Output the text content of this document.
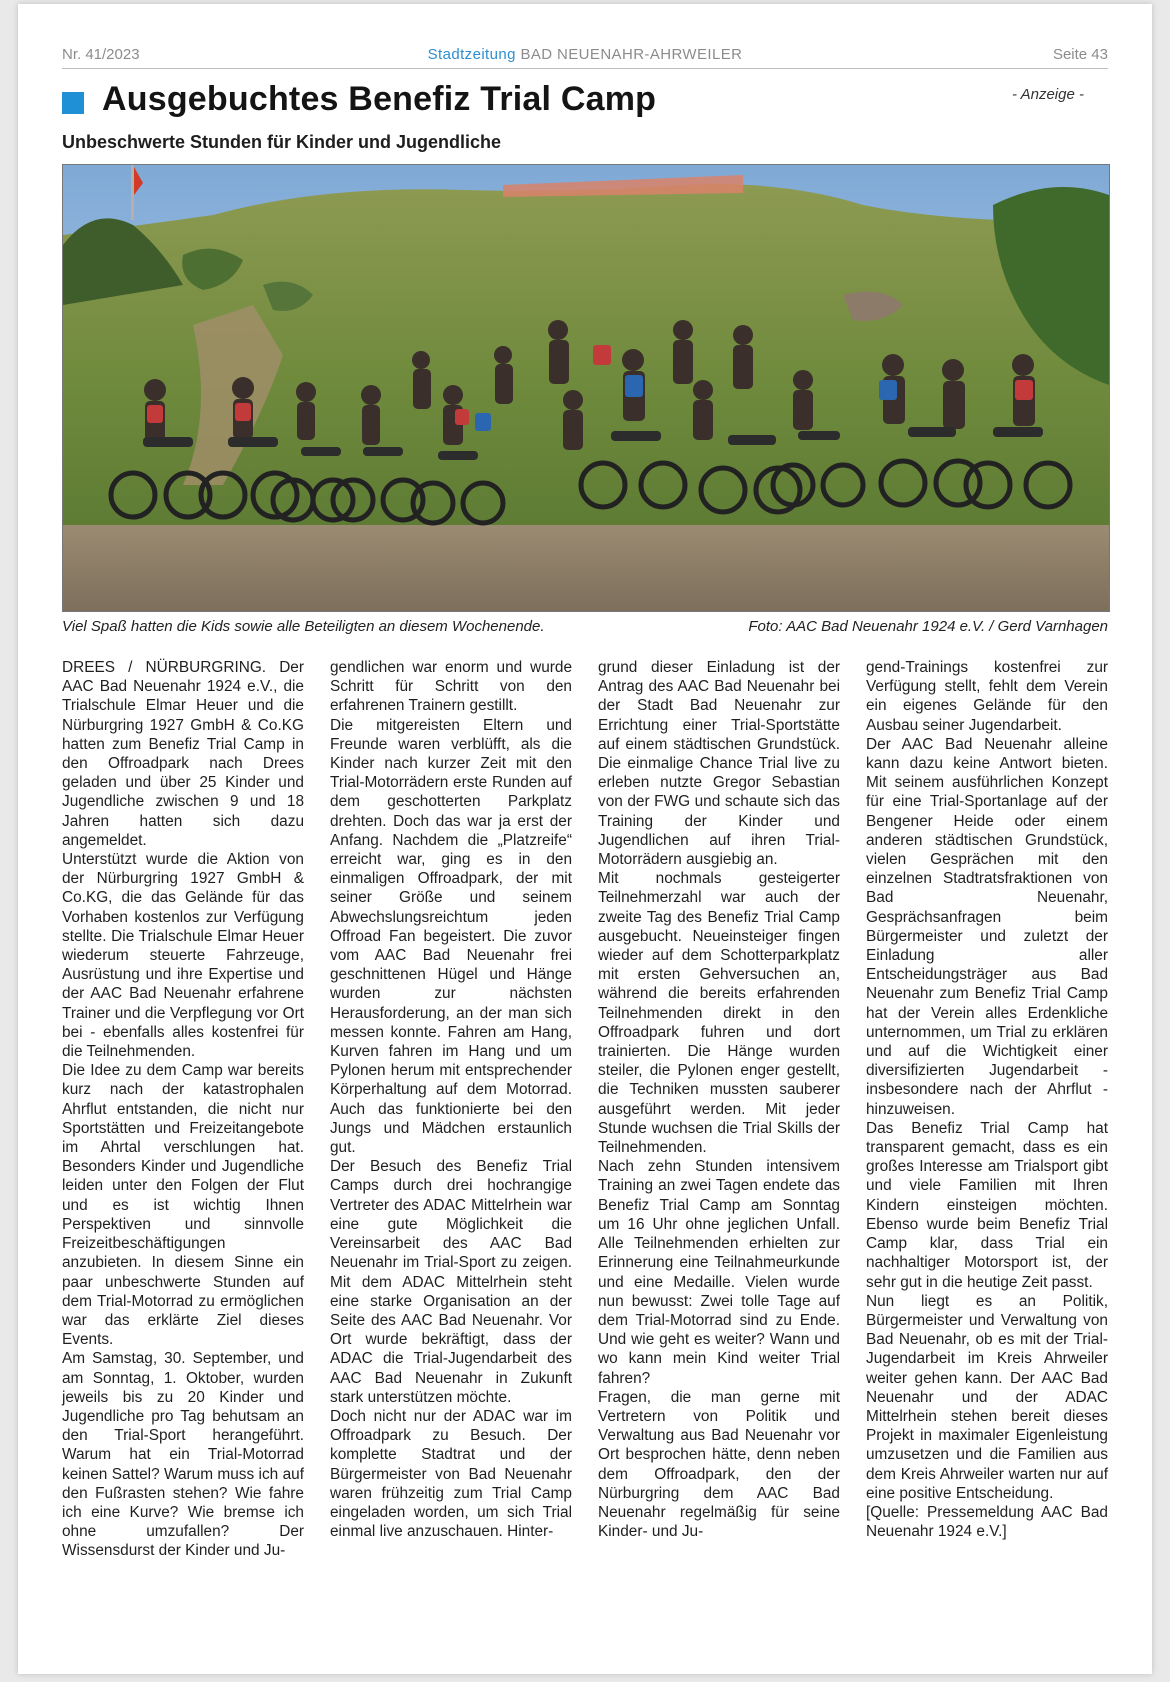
Nr. 41/2023	Stadtzeitung BAD NEUENAHR-AHRWEILER	Seite 43
Ausgebuchtes Benefiz Trial Camp	- Anzeige -
Unbeschwerte Stunden für Kinder und Jugendliche
Viel Spaß hatten die Kids sowie alle Beteiligten an diesem Wochenende.	Foto: AAC Bad Neuenahr 1924 e.V. / Gerd Varnhagen

DREES / NÜRBURGRING. Der AAC Bad Neuenahr 1924 e.V., die Trialschule Elmar Heuer und die Nürburgring 1927 GmbH & Co.KG hatten zum Benefiz Trial Camp in den Offroadpark nach Drees geladen und über 25 Kinder und Jugendliche zwischen 9 und 18 Jahren hatten sich dazu angemeldet.

Unterstützt wurde die Aktion von der Nürburgring 1927 GmbH & Co.KG, die das Gelände für das Vorhaben kostenlos zur Verfügung stellte. Die Trialschule Elmar Heuer wiederum steuerte Fahrzeuge, Ausrüstung und ihre Expertise und der AAC Bad Neuenahr erfahrene Trainer und die Verpflegung vor Ort bei - ebenfalls alles kostenfrei für die Teilnehmenden.

Die Idee zu dem Camp war bereits kurz nach der katastrophalen Ahrflut entstanden, die nicht nur Sportstätten und Freizeitangebote im Ahrtal verschlungen hat. Besonders Kinder und Jugendliche leiden unter den Folgen der Flut und es ist wichtig Ihnen Perspektiven und sinnvolle Freizeitbeschäftigungen anzubieten. In diesem Sinne ein paar unbeschwerte Stunden auf dem Trial-Motorrad zu ermöglichen war das erklärte Ziel dieses Events.

Am Samstag, 30. September, und am Sonntag, 1. Oktober, wurden jeweils bis zu 20 Kinder und Jugendliche pro Tag behutsam an den Trial-Sport herangeführt. Warum hat ein Trial-Motorrad keinen Sattel? Warum muss ich auf den Fußrasten stehen? Wie fahre ich eine Kurve? Wie bremse ich ohne umzufallen? Der Wissensdurst der Kinder und Ju-

gendlichen war enorm und wurde Schritt für Schritt von den erfahrenen Trainern gestillt.

Die mitgereisten Eltern und Freunde waren verblüfft, als die Kinder nach kurzer Zeit mit den Trial-Motorrädern erste Runden auf dem geschotterten Parkplatz drehten. Doch das war ja erst der Anfang. Nachdem die „Platzreife“ erreicht war, ging es in den einmaligen Offroadpark, der mit seiner Größe und seinem Abwechslungsreichtum jeden Offroad Fan begeistert. Die zuvor vom AAC Bad Neuenahr frei geschnittenen Hügel und Hänge wurden zur nächsten Herausforderung, an der man sich messen konnte. Fahren am Hang, Kurven fahren im Hang und um Pylonen herum mit entsprechender Körperhaltung auf dem Motorrad. Auch das funktionierte bei den Jungs und Mädchen erstaunlich gut.

Der Besuch des Benefiz Trial Camps durch drei hochrangige Vertreter des ADAC Mittelrhein war eine gute Möglichkeit die Vereinsarbeit des AAC Bad Neuenahr im Trial-Sport zu zeigen. Mit dem ADAC Mittelrhein steht eine starke Organisation an der Seite des AAC Bad Neuenahr. Vor Ort wurde bekräftigt, dass der ADAC die Trial-Jugendarbeit des AAC Bad Neuenahr in Zukunft stark unterstützen möchte.

Doch nicht nur der ADAC war im Offroadpark zu Besuch. Der komplette Stadtrat und der Bürgermeister von Bad Neuenahr waren frühzeitig zum Trial Camp eingeladen worden, um sich Trial einmal live anzuschauen. Hinter-

grund dieser Einladung ist der Antrag des AAC Bad Neuenahr bei der Stadt Bad Neuenahr zur Errichtung einer Trial-Sportstätte auf einem städtischen Grundstück. Die einmalige Chance Trial live zu erleben nutzte Gregor Sebastian von der FWG und schaute sich das Training der Kinder und Jugendlichen auf ihren Trial-Motorrädern ausgiebig an.

Mit nochmals gesteigerter Teilnehmerzahl war auch der zweite Tag des Benefiz Trial Camp ausgebucht. Neueinsteiger fingen wieder auf dem Schotterparkplatz mit ersten Gehversuchen an, während die bereits erfahrenden Teilnehmenden direkt in den Offroadpark fuhren und dort trainierten. Die Hänge wurden steiler, die Pylonen enger gestellt, die Techniken mussten sauberer ausgeführt werden. Mit jeder Stunde wuchsen die Trial Skills der Teilnehmenden.

Nach zehn Stunden intensivem Training an zwei Tagen endete das Benefiz Trial Camp am Sonntag um 16 Uhr ohne jeglichen Unfall. Alle Teilnehmenden erhielten zur Erinnerung eine Teilnahmeurkunde und eine Medaille. Vielen wurde nun bewusst: Zwei tolle Tage auf dem Trial-Motorrad sind zu Ende. Und wie geht es weiter? Wann und wo kann mein Kind weiter Trial fahren?

Fragen, die man gerne mit Vertretern von Politik und Verwaltung aus Bad Neuenahr vor Ort besprochen hätte, denn neben dem Offroadpark, den der Nürburgring dem AAC Bad Neuenahr regelmäßig für seine Kinder- und Ju-

gend-Trainings kostenfrei zur Verfügung stellt, fehlt dem Verein ein eigenes Gelände für den Ausbau seiner Jugendarbeit.

Der AAC Bad Neuenahr alleine kann dazu keine Antwort bieten. Mit seinem ausführlichen Konzept für eine Trial-Sportanlage auf der Bengener Heide oder einem anderen städtischen Grundstück, vielen Gesprächen mit den einzelnen Stadtratsfraktionen von Bad Neuenahr, Gesprächsanfragen beim Bürgermeister und zuletzt der Einladung aller Entscheidungsträger aus Bad Neuenahr zum Benefiz Trial Camp hat der Verein alles Erdenkliche unternommen, um Trial zu erklären und auf die Wichtigkeit einer diversifizierten Jugendarbeit - insbesondere nach der Ahrflut - hinzuweisen.

Das Benefiz Trial Camp hat transparent gemacht, dass es ein großes Interesse am Trialsport gibt und viele Familien mit Ihren Kindern einsteigen möchten. Ebenso wurde beim Benefiz Trial Camp klar, dass Trial ein nachhaltiger Motorsport ist, der sehr gut in die heutige Zeit passt.

Nun liegt es an Politik, Bürgermeister und Verwaltung von Bad Neuenahr, ob es mit der Trial-Jugendarbeit im Kreis Ahrweiler weiter gehen kann. Der AAC Bad Neuenahr und der ADAC Mittelrhein stehen bereit dieses Projekt in maximaler Eigenleistung umzusetzen und die Familien aus dem Kreis Ahrweiler warten nur auf eine positive Entscheidung.

[Quelle: Pressemeldung AAC Bad Neuenahr 1924 e.V.]
